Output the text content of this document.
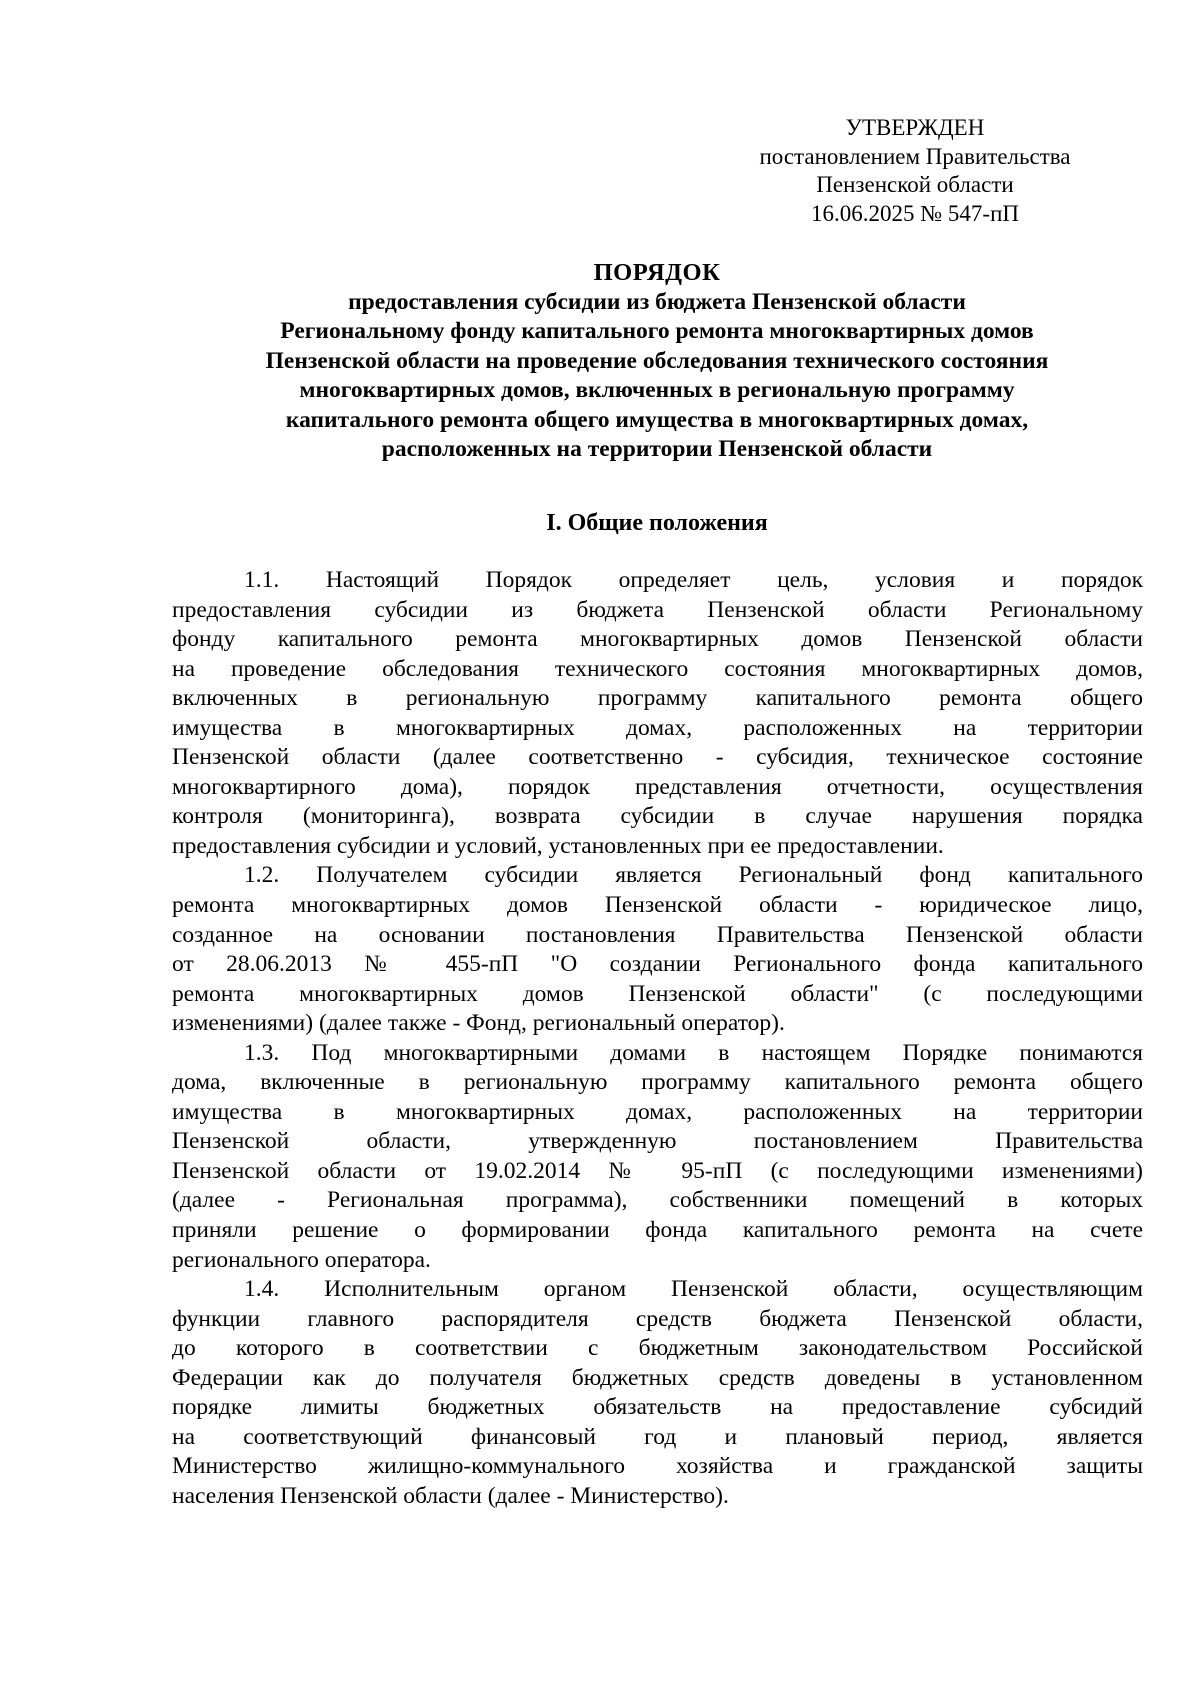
УТВЕРЖДЕН
постановлением Правительства
Пензенской области
16.06.2025 № 547-пП
ПОРЯДОК
предоставления субсидии из бюджета Пензенской области
Региональному фонду капитального ремонта многоквартирных домов
Пензенской области на проведение обследования технического состояния
многоквартирных домов, включенных в региональную программу
капитального ремонта общего имущества в многоквартирных домах,
расположенных на территории Пензенской области
I. Общие положения
1.1. Настоящий Порядок определяет цель, условия и порядок
предоставления субсидии из бюджета Пензенской области Региональному
фонду капитального ремонта многоквартирных домов Пензенской области
на проведение обследования технического состояния многоквартирных домов,
включенных в региональную программу капитального ремонта общего
имущества в многоквартирных домах, расположенных на территории
Пензенской области (далее соответственно - субсидия, техническое состояние
многоквартирного дома), порядок представления отчетности, осуществления
контроля (мониторинга), возврата субсидии в случае нарушения порядка
предоставления субсидии и условий, установленных при ее предоставлении.
1.2. Получателем субсидии является Региональный фонд капитального
ремонта многоквартирных домов Пензенской области - юридическое лицо,
созданное на основании постановления Правительства Пензенской области
от 28.06.2013 № 455-пП "О создании Регионального фонда капитального
ремонта многоквартирных домов Пензенской области" (с последующими
изменениями) (далее также - Фонд, региональный оператор).
1.3. Под многоквартирными домами в настоящем Порядке понимаются
дома, включенные в региональную программу капитального ремонта общего
имущества в многоквартирных домах, расположенных на территории
Пензенской области, утвержденную постановлением Правительства
Пензенской области от 19.02.2014 № 95-пП (с последующими изменениями)
(далее - Региональная программа), собственники помещений в которых
приняли решение о формировании фонда капитального ремонта на счете
регионального оператора.
1.4. Исполнительным органом Пензенской области, осуществляющим
функции главного распорядителя средств бюджета Пензенской области,
до которого в соответствии с бюджетным законодательством Российской
Федерации как до получателя бюджетных средств доведены в установленном
порядке лимиты бюджетных обязательств на предоставление субсидий
на соответствующий финансовый год и плановый период, является
Министерство жилищно-коммунального хозяйства и гражданской защиты
населения Пензенской области (далее - Министерство).
